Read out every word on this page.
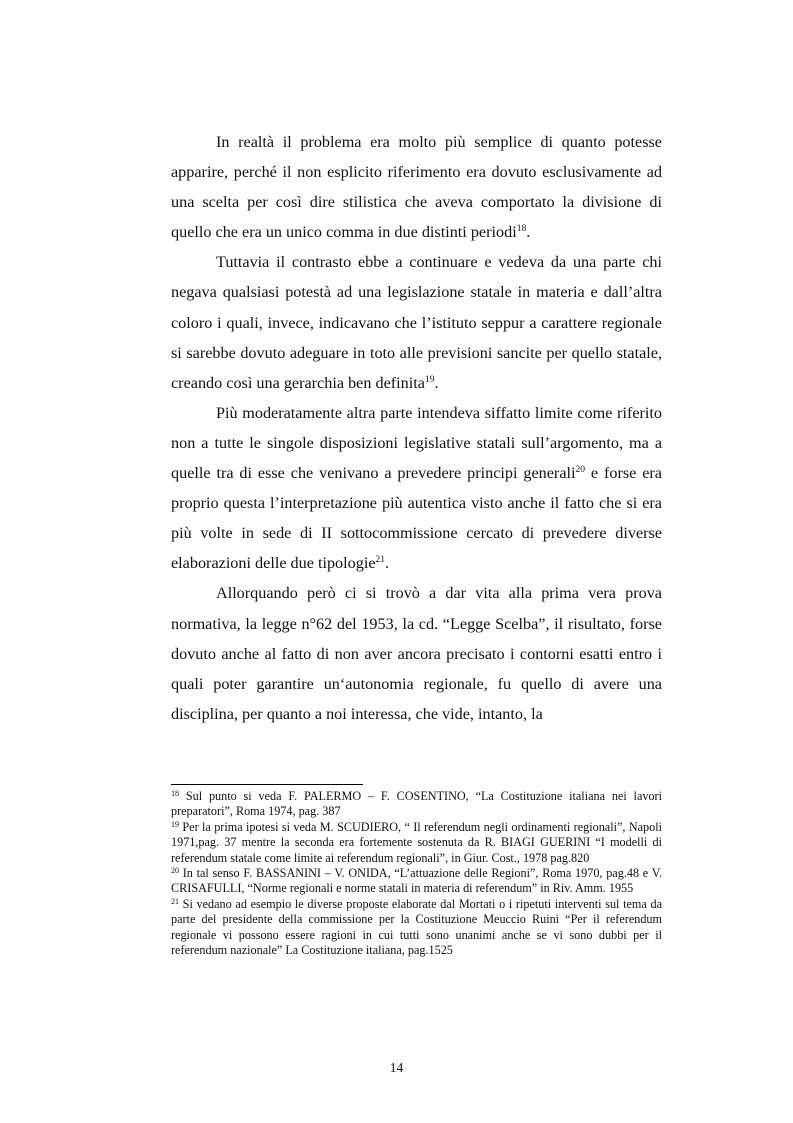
In realtà il problema era molto più semplice di quanto potesse apparire, perché il non esplicito riferimento era dovuto esclusivamente ad una scelta per così dire stilistica che aveva comportato la divisione di quello che era un unico comma in due distinti periodi$^{18}$.

Tuttavia il contrasto ebbe a continuare e vedeva da una parte chi negava qualsiasi potestà ad una legislazione statale in materia e dall’altra coloro i quali, invece, indicavano che l’istituto seppur a carattere regionale si sarebbe dovuto adeguare in toto alle previsioni sancite per quello statale, creando così una gerarchia ben definita$^{19}$.

Più moderatamente altra parte intendeva siffatto limite come riferito non a tutte le singole disposizioni legislative statali sull’argomento, ma a quelle tra di esse che venivano a prevedere principi generali$^{20}$ e forse era proprio questa l’interpretazione più autentica visto anche il fatto che si era più volte in sede di II sottocommissione cercato di prevedere diverse elaborazioni delle due tipologie$^{21}$.

Allorquando però ci si trovò a dar vita alla prima vera prova normativa, la legge n°62 del 1953, la cd. “Legge Scelba”, il risultato, forse dovuto anche al fatto di non aver ancora precisato i contorni esatti entro i quali poter garantire un‘autonomia regionale, fu quello di avere una disciplina, per quanto a noi interessa, che vide, intanto, la

$^{18}$ Sul punto si veda F. PALERMO – F. COSENTINO, “La Costituzione italiana nei lavori preparatori”, Roma 1974, pag. 387

$^{19}$ Per la prima ipotesi si veda M. SCUDIERO, “ Il referendum negli ordinamenti regionali”, Napoli 1971,pag. 37 mentre la seconda era fortemente sostenuta da R. BIAGI GUERINI “I modelli di referendum statale come limite ai referendum regionali”, in Giur. Cost., 1978 pag.820

$^{20}$ In tal senso F. BASSANINI – V. ONIDA, “L’attuazione delle Regioni”, Roma 1970, pag.48 e V. CRISAFULLI, “Norme regionali e norme statali in materia di referendum” in Riv. Amm. 1955

$^{21}$ Si vedano ad esempio le diverse proposte elaborate dal Mortati o i ripetuti interventi sul tema da parte del presidente della commissione per la Costituzione Meuccio Ruini “Per il referendum regionale vi possono essere ragioni in cui tutti sono unanimi anche se vi sono dubbi per il referendum nazionale” La Costituzione italiana, pag.1525

14
